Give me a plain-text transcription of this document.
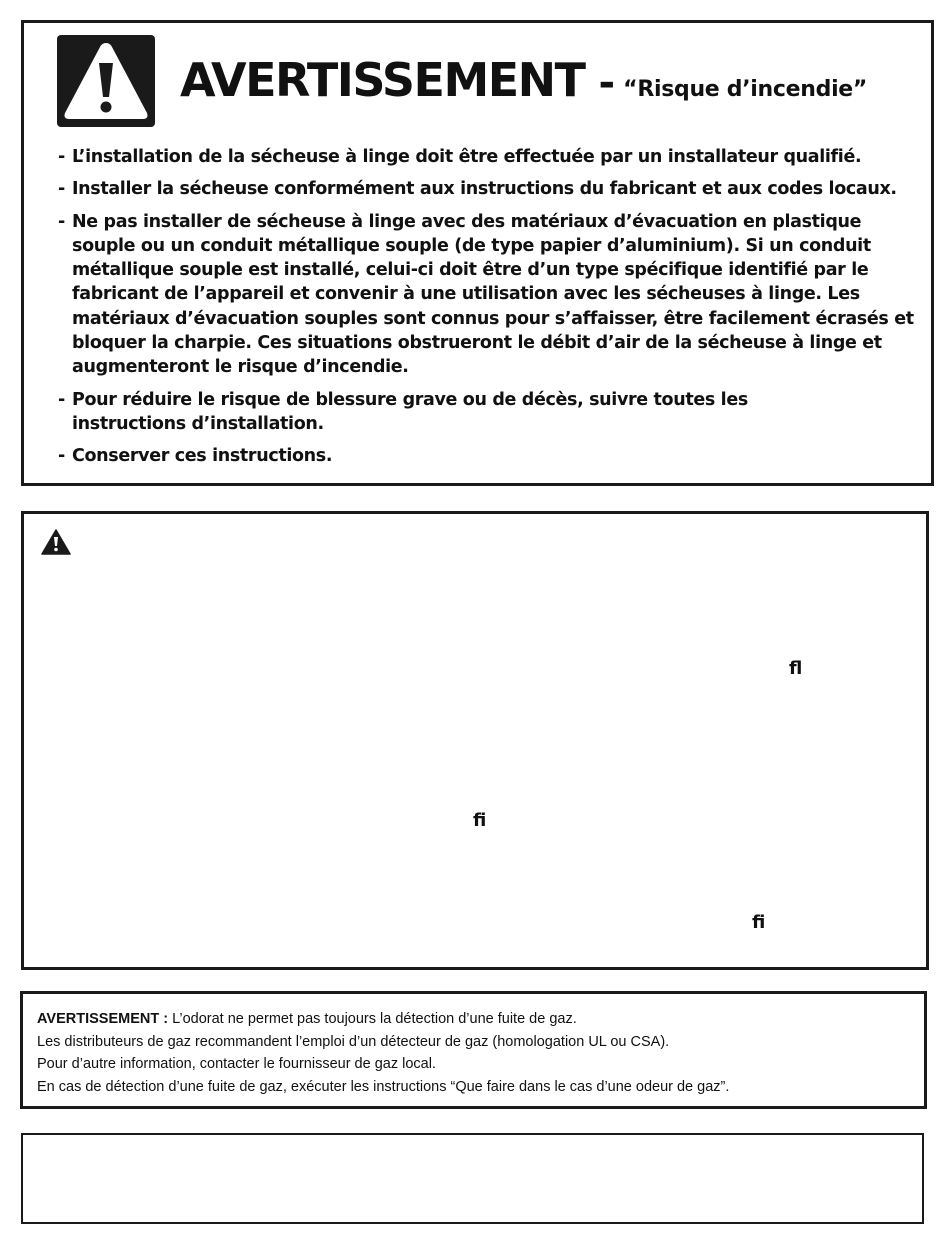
AVERTISSEMENT - “Risque d’incendie”
- L’installation de la sécheuse à linge doit être effectuée par un installateur qualifié.
- Installer la sécheuse conformément aux instructions du fabricant et aux codes locaux.
- Ne pas installer de sécheuse à linge avec des matériaux d’évacuation en plastique souple ou un conduit métallique souple (de type papier d’aluminium). Si un conduit métallique souple est installé, celui-ci doit être d’un type spécifique identifié par le fabricant de l’appareil et convenir à une utilisation avec les sécheuses à linge. Les matériaux d’évacuation souples sont connus pour s’affaisser, être facilement écrasés et bloquer la charpie. Ces situations obstrueront le débit d’air de la sécheuse à linge et augmenteront le risque d’incendie.
- Pour réduire le risque de blessure grave ou de décès, suivre toutes les instructions d’installation.
- Conserver ces instructions.
fl
fi
fi
AVERTISSEMENT : L’odorat ne permet pas toujours la détection d’une fuite de gaz.
Les distributeurs de gaz recommandent l’emploi d’un détecteur de gaz (homologation UL ou CSA).
Pour d’autre information, contacter le fournisseur de gaz local.
En cas de détection d’une fuite de gaz, exécuter les instructions “Que faire dans le cas d’une odeur de gaz”.
